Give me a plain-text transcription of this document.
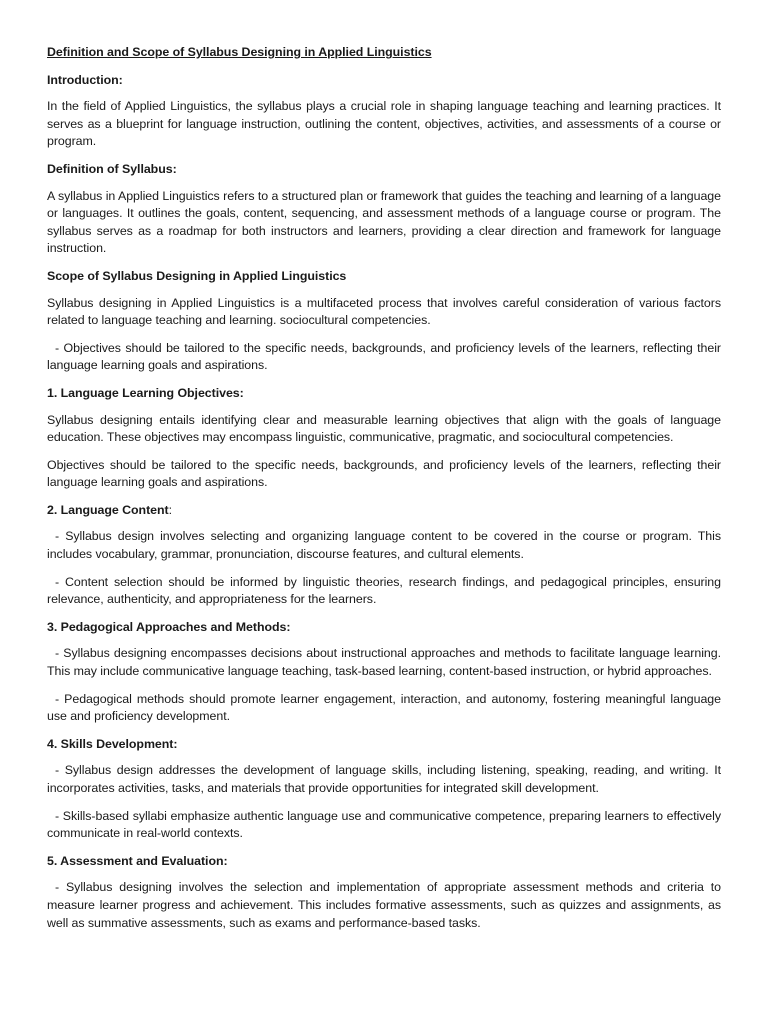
Definition and Scope of Syllabus Designing in Applied Linguistics

Introduction:

In the field of Applied Linguistics, the syllabus plays a crucial role in shaping language teaching and learning practices. It serves as a blueprint for language instruction, outlining the content, objectives, activities, and assessments of a course or program.

Definition of Syllabus:

A syllabus in Applied Linguistics refers to a structured plan or framework that guides the teaching and learning of a language or languages. It outlines the goals, content, sequencing, and assessment methods of a language course or program. The syllabus serves as a roadmap for both instructors and learners, providing a clear direction and framework for language instruction.

Scope of Syllabus Designing in Applied Linguistics

Syllabus designing in Applied Linguistics is a multifaceted process that involves careful consideration of various factors related to language teaching and learning. sociocultural competencies.

- Objectives should be tailored to the specific needs, backgrounds, and proficiency levels of the learners, reflecting their language learning goals and aspirations.

1. Language Learning Objectives:

Syllabus designing entails identifying clear and measurable learning objectives that align with the goals of language education. These objectives may encompass linguistic, communicative, pragmatic, and sociocultural competencies.

Objectives should be tailored to the specific needs, backgrounds, and proficiency levels of the learners, reflecting their language learning goals and aspirations.

2. Language Content:

- Syllabus design involves selecting and organizing language content to be covered in the course or program. This includes vocabulary, grammar, pronunciation, discourse features, and cultural elements.

- Content selection should be informed by linguistic theories, research findings, and pedagogical principles, ensuring relevance, authenticity, and appropriateness for the learners.

3. Pedagogical Approaches and Methods:

- Syllabus designing encompasses decisions about instructional approaches and methods to facilitate language learning. This may include communicative language teaching, task-based learning, content-based instruction, or hybrid approaches.

- Pedagogical methods should promote learner engagement, interaction, and autonomy, fostering meaningful language use and proficiency development.

4. Skills Development:

- Syllabus design addresses the development of language skills, including listening, speaking, reading, and writing. It incorporates activities, tasks, and materials that provide opportunities for integrated skill development.

- Skills-based syllabi emphasize authentic language use and communicative competence, preparing learners to effectively communicate in real-world contexts.

5. Assessment and Evaluation:

- Syllabus designing involves the selection and implementation of appropriate assessment methods and criteria to measure learner progress and achievement. This includes formative assessments, such as quizzes and assignments, as well as summative assessments, such as exams and performance-based tasks.
